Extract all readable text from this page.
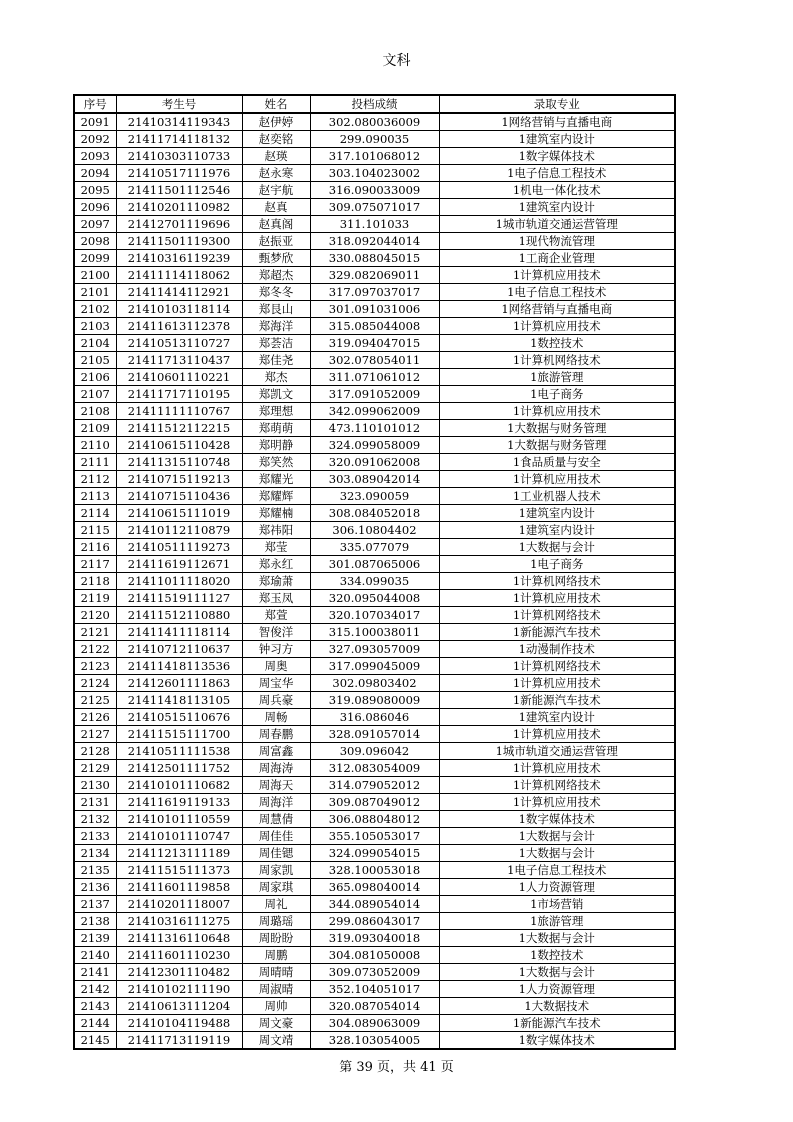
文科
序号	考生号	姓名	投档成绩	录取专业
2091	21410314119343	赵伊婷	302.080036009	1网络营销与直播电商
2092	21411714118132	赵奕铭	299.090035	1建筑室内设计
2093	21410303110733	赵瑛	317.101068012	1数字媒体技术
2094	21410517111976	赵永寒	303.104023002	1电子信息工程技术
2095	21411501112546	赵宇航	316.090033009	1机电一体化技术
2096	21410201110982	赵真	309.075071017	1建筑室内设计
2097	21412701119696	赵真阁	311.101033	1城市轨道交通运营管理
2098	21411501119300	赵振亚	318.092044014	1现代物流管理
2099	21410316119239	甄梦欣	330.088045015	1工商企业管理
2100	21411114118062	郑超杰	329.082069011	1计算机应用技术
2101	21411414112921	郑冬冬	317.097037017	1电子信息工程技术
2102	21410103118114	郑艮山	301.091031006	1网络营销与直播电商
2103	21411613112378	郑海洋	315.085044008	1计算机应用技术
2104	21410513110727	郑荟洁	319.094047015	1数控技术
2105	21411713110437	郑佳尧	302.078054011	1计算机网络技术
2106	21410601110221	郑杰	311.071061012	1旅游管理
2107	21411717110195	郑凯文	317.091052009	1电子商务
2108	21411111110767	郑理想	342.099062009	1计算机应用技术
2109	21411512112215	郑萌萌	473.110101012	1大数据与财务管理
2110	21410615110428	郑明静	324.099058009	1大数据与财务管理
2111	21411315110748	郑笑然	320.091062008	1食品质量与安全
2112	21410715119213	郑耀光	303.089042014	1计算机应用技术
2113	21410715110436	郑耀辉	323.090059	1工业机器人技术
2114	21410615111019	郑耀楠	308.084052018	1建筑室内设计
2115	21410112110879	郑祎阳	306.10804402	1建筑室内设计
2116	21410511119273	郑莹	335.077079	1大数据与会计
2117	21411619112671	郑永红	301.087065006	1电子商务
2118	21411011118020	郑瑜萧	334.099035	1计算机网络技术
2119	21411519111127	郑玉凤	320.095044008	1计算机应用技术
2120	21411512110880	郑萱	320.107034017	1计算机网络技术
2121	21411411118114	智俊洋	315.100038011	1新能源汽车技术
2122	21410712110637	钟习方	327.093057009	1动漫制作技术
2123	21411418113536	周奥	317.099045009	1计算机网络技术
2124	21412601111863	周宝华	302.09803402	1计算机应用技术
2125	21411418113105	周兵豪	319.089080009	1新能源汽车技术
2126	21410515110676	周畅	316.086046	1建筑室内设计
2127	21411515111700	周春鹏	328.091057014	1计算机应用技术
2128	21410511111538	周富鑫	309.096042	1城市轨道交通运营管理
2129	21412501111752	周海涛	312.083054009	1计算机应用技术
2130	21410101110682	周海天	314.079052012	1计算机网络技术
2131	21411619119133	周海洋	309.087049012	1计算机应用技术
2132	21410101110559	周慧倩	306.088048012	1数字媒体技术
2133	21410101110747	周佳佳	355.105053017	1大数据与会计
2134	21411213111189	周佳锶	324.099054015	1大数据与会计
2135	21411515111373	周家凯	328.100053018	1电子信息工程技术
2136	21411601119858	周家琪	365.098040014	1人力资源管理
2137	21410201118007	周礼	344.089054014	1市场营销
2138	21410316111275	周璐瑶	299.086043017	1旅游管理
2139	21411316110648	周盼盼	319.093040018	1大数据与会计
2140	21411601110230	周鹏	304.081050008	1数控技术
2141	21412301110482	周晴晴	309.073052009	1大数据与会计
2142	21410102111190	周淑晴	352.104051017	1人力资源管理
2143	21410613111204	周帅	320.087054014	1大数据技术
2144	21410104119488	周文豪	304.089063009	1新能源汽车技术
2145	21411713119119	周文靖	328.103054005	1数字媒体技术
第 39 页，共 41 页
